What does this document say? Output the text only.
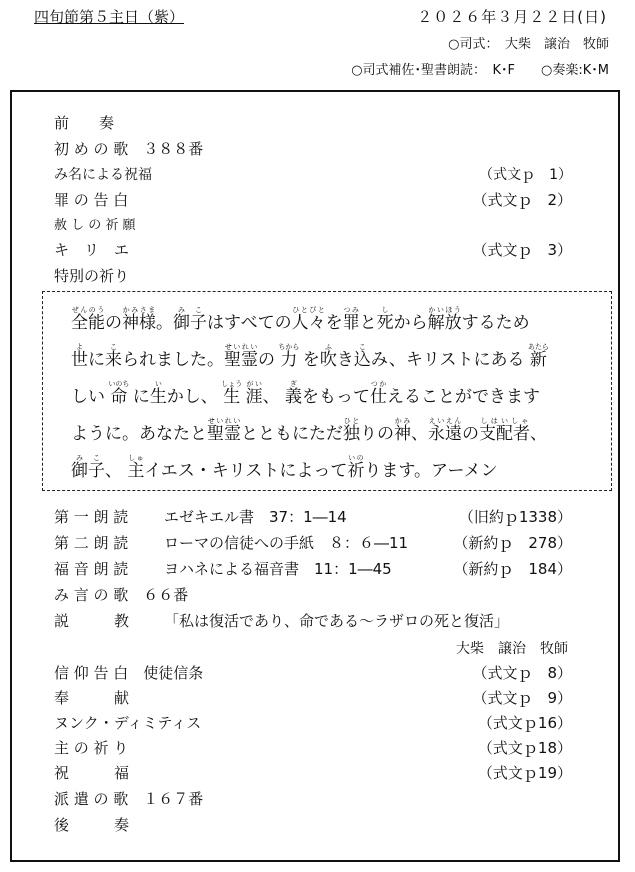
四旬節第５主日（紫）	２０２６年３月２２日(日)
○司式：　大柴　譲治　牧師
○司式補佐･聖書朗読：　K･F　　○奏楽:K･M
前　　奏
初 め の 歌　３８８番
み名による祝福	（式文ｐ　1）
罪 の 告 白	（式文ｐ　2）
赦 し の 祈 願
キ　リ　エ	（式文ｐ　3）
特別の祈り
全能ぜんのうの神様かみさま。御子みこはすべての人々ひとびとを罪つみと死しから解放かいほうするため
世よに来こられました。聖霊せいれいの 力ちから を吹ふき込こみ、キリストにある 新あたら
しい 命いのち に生いかし、 生しょう 涯がい、 義ぎをもって仕つかえることができます
ように。あなたと聖霊せいれいとともにただ独ひとりの神かみ、永遠えいえんの支配者しはいしゃ、
御子みこ、 主しゅイエス・キリストによって祈いのります。アーメン
第 一 朗 読 エゼキエル書　37：1―14	（旧約ｐ1338）
第 二 朗 読 ローマの信徒への手紙　８：６―11	（新約ｐ　278）
福 音 朗 読 ヨハネによる福音書　11：1―45	（新約ｐ　184）
み 言 の 歌　６６番
説　　　教 「私は復活であり、命である～ラザロの死と復活」
大柴　譲治　牧師
信 仰 告 白　使徒信条	（式文ｐ　8）
奉　　　献	（式文ｐ　9）
ヌンク・ディミティス	（式文ｐ16）
主 の 祈 り	（式文ｐ18）
祝　　　福	（式文ｐ19）
派 遣 の 歌　１６７番
後　　　奏
